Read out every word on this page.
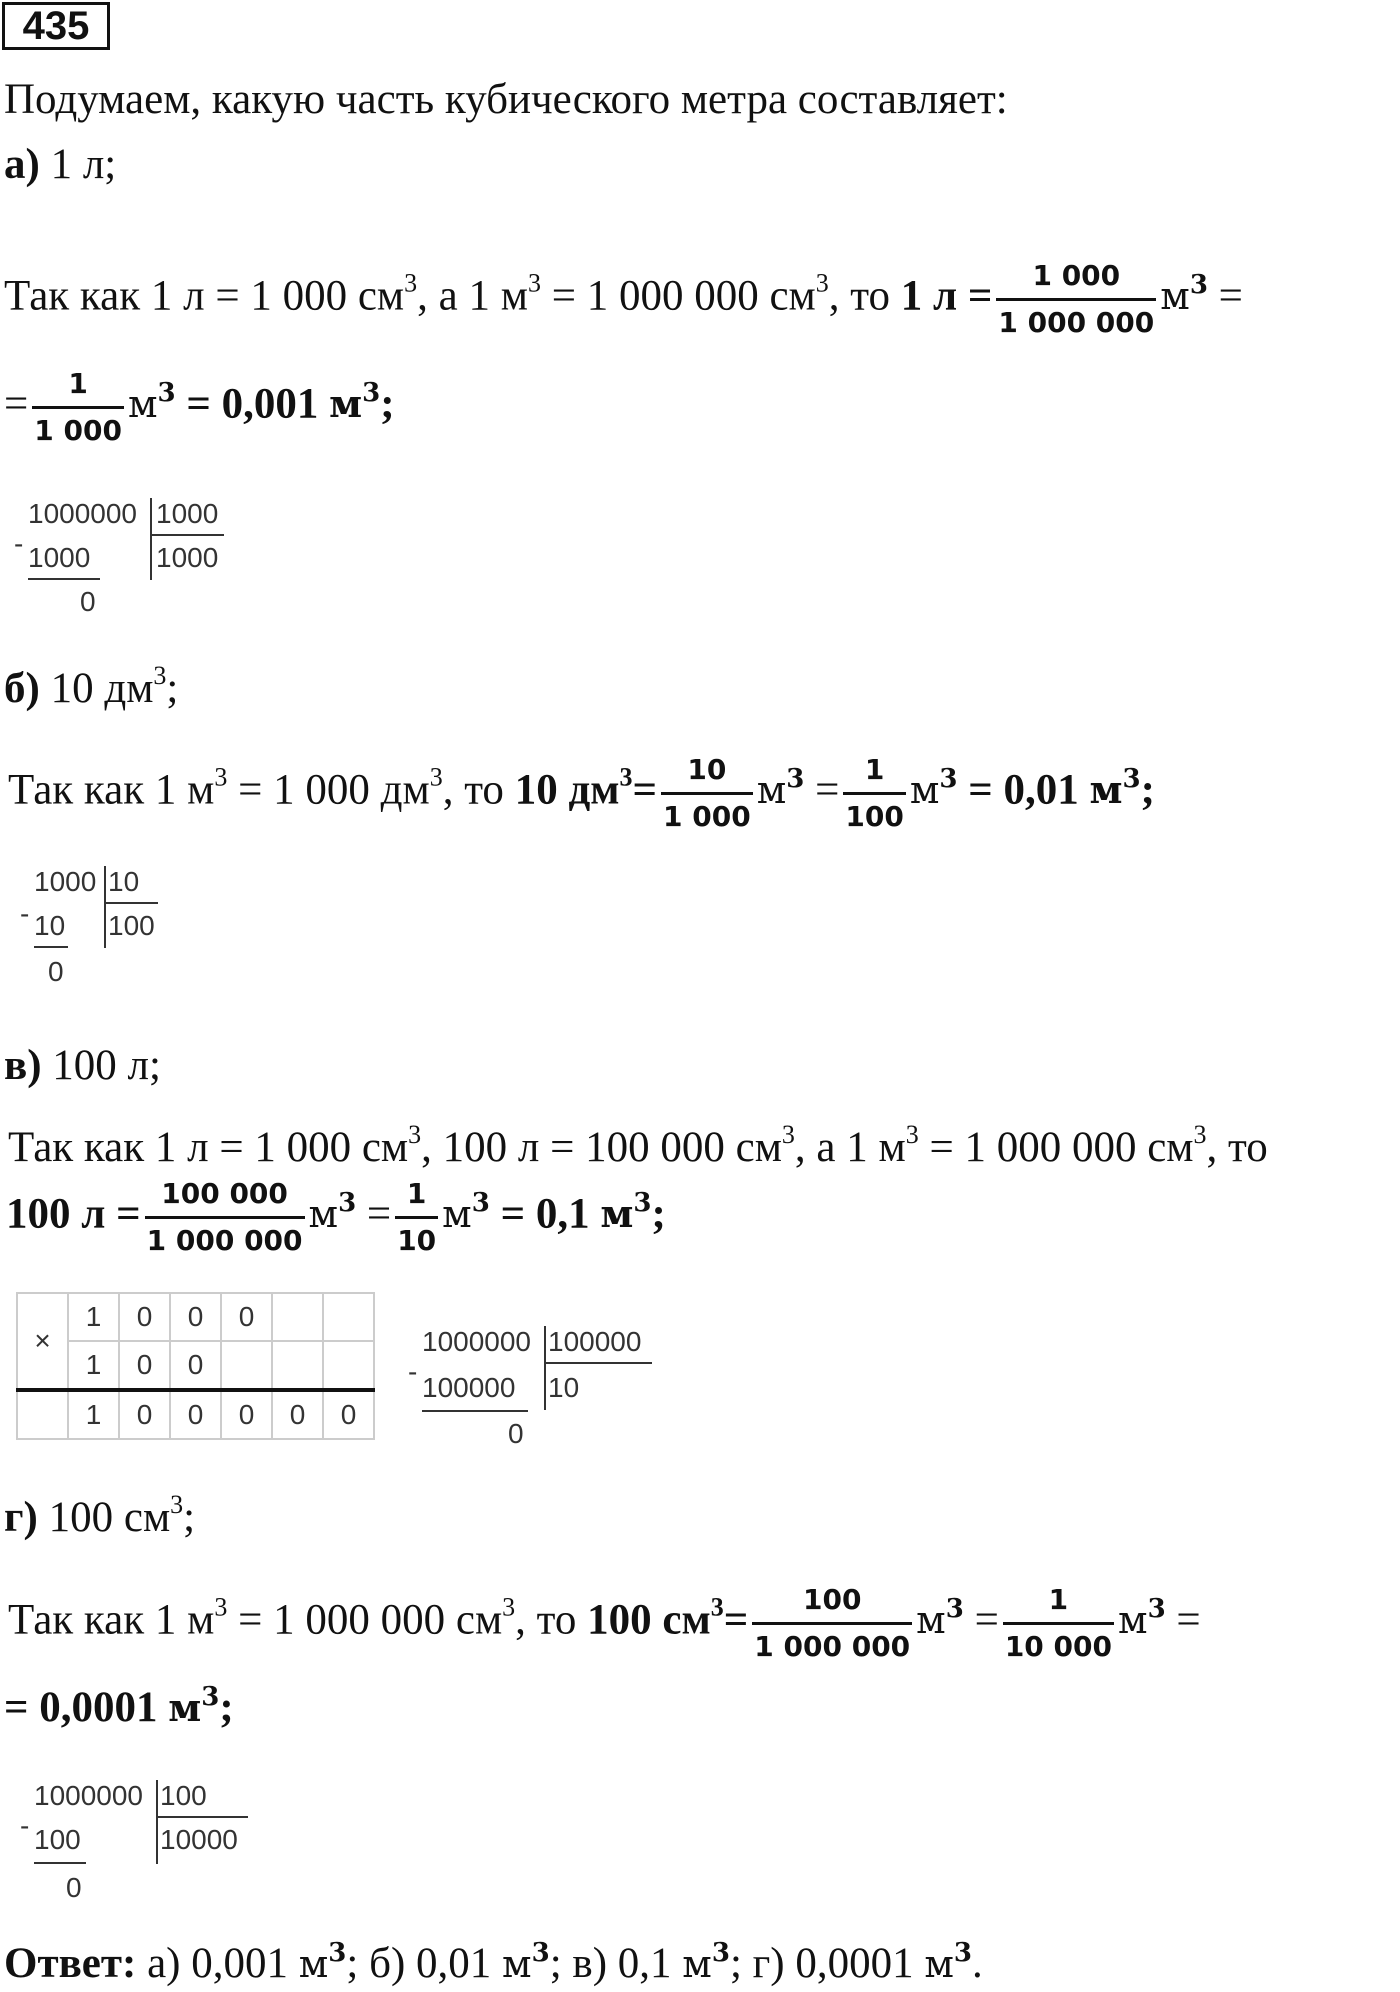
435
Подумаем, какую часть кубического метра составляет:
а) 1 л;
Так как 1 л = 1 000 $см^3$, а 1 $м^3 = 1$ 000 000 $см^3$, то 1 $л = \frac{1 000}{1 000 000} м^3$ =
= $\frac{1}{1 000} м^3 = 0,001$ $м^3$;
-
1000000 1000
1000 1000
0
б) 10 $дм^3$;
Так как 1 $м^3 = 1$ 000 $дм^3$, то 10 $дм^3= \frac{10}{1 000} м^3 = \frac{1}{100} м^3 = 0,01$ $м^3$;
-
1000 10
10 100
0
в) 100 л;
Так как 1 л = 1 000 $см^3$, 100 л = 100 000 $см^3$, а 1 $м^3 = 1$ 000 000 $см^3$, то
100 $л = \frac{100 000}{1 000 000} м^3 = \frac{1}{10} м^3 = 0,1$ $м^3$;
×	1	0	0	0		
	1	0	0			
	1	0	0	0	0	0
-
1000000 100000
100000 10
0
г) 100 $см^3$;
Так как 1 $м^3 = 1$ 000 000 $см^3$, то 100 $см^3= \frac{100}{1 000 000} м^3 = \frac{1}{10 000} м^3$ =
= 0,0001 $м^3$;
-
1000000 100
100	10000
0
Ответ: а) 0,001 $м^3$; б) 0,01 $м^3$; в) 0,1 $м^3$; г) 0,0001 $м^3$.
